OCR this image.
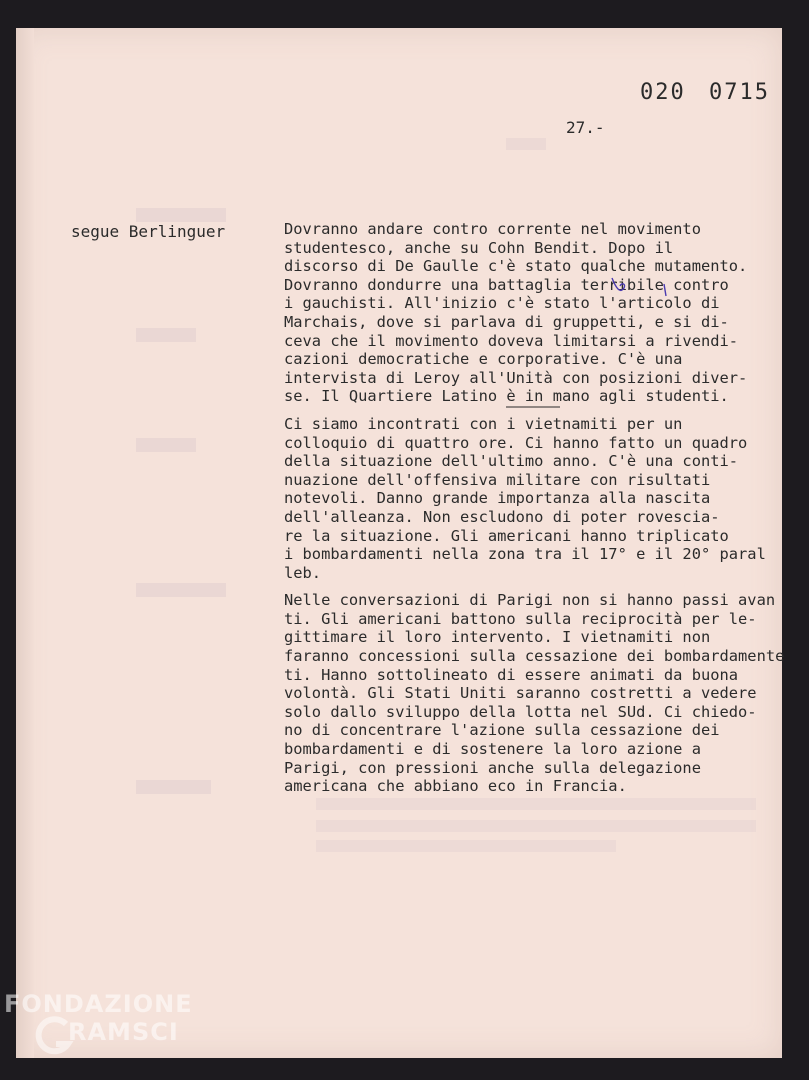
020 0715
27.-
segue Berlinguer	Dovranno andare contro corrente nel movimento
studentesco, anche su Cohn Bendit. Dopo il
discorso di De Gaulle c'è stato qualche mutamento.
Dovranno dondurre una battaglia terribile contro
i gauchisti. All'inizio c'è stato l'articolo di
Marchais, dove si parlava di gruppetti, e si di-
ceva che il movimento doveva limitarsi a rivendi-
cazioni democratiche e corporative. C'è una
intervista di Leroy all'Unità con posizioni diver-
se. Il Quartiere Latino è in mano agli studenti.

Ci siamo incontrati con i vietnamiti per un
colloquio di quattro ore. Ci hanno fatto un quadro
della situazione dell'ultimo anno. C'è una conti-
nuazione dell'offensiva militare con risultati
notevoli. Danno grande importanza alla nascita
dell'alleanza. Non escludono di poter rovescia-
re la situazione. Gli americani hanno triplicato
i bombardamenti nella zona tra il 17° e il 20° paral
leb.

Nelle conversazioni di Parigi non si hanno passi avan
ti. Gli americani battono sulla reciprocità per le-
gittimare il loro intervento. I vietnamiti non
faranno concessioni sulla cessazione dei bombardamente
ti. Hanno sottolineato di essere animati da buona
volontà. Gli Stati Uniti saranno costretti a vedere
solo dallo sviluppo della lotta nel SUd. Ci chiedo-
no di concentrare l'azione sulla cessazione dei
bombardamenti e di sostenere la loro azione a
Parigi, con pressioni anche sulla delegazione
americana che abbiano eco in Francia.

FONDAZIONE
RAMSCI
